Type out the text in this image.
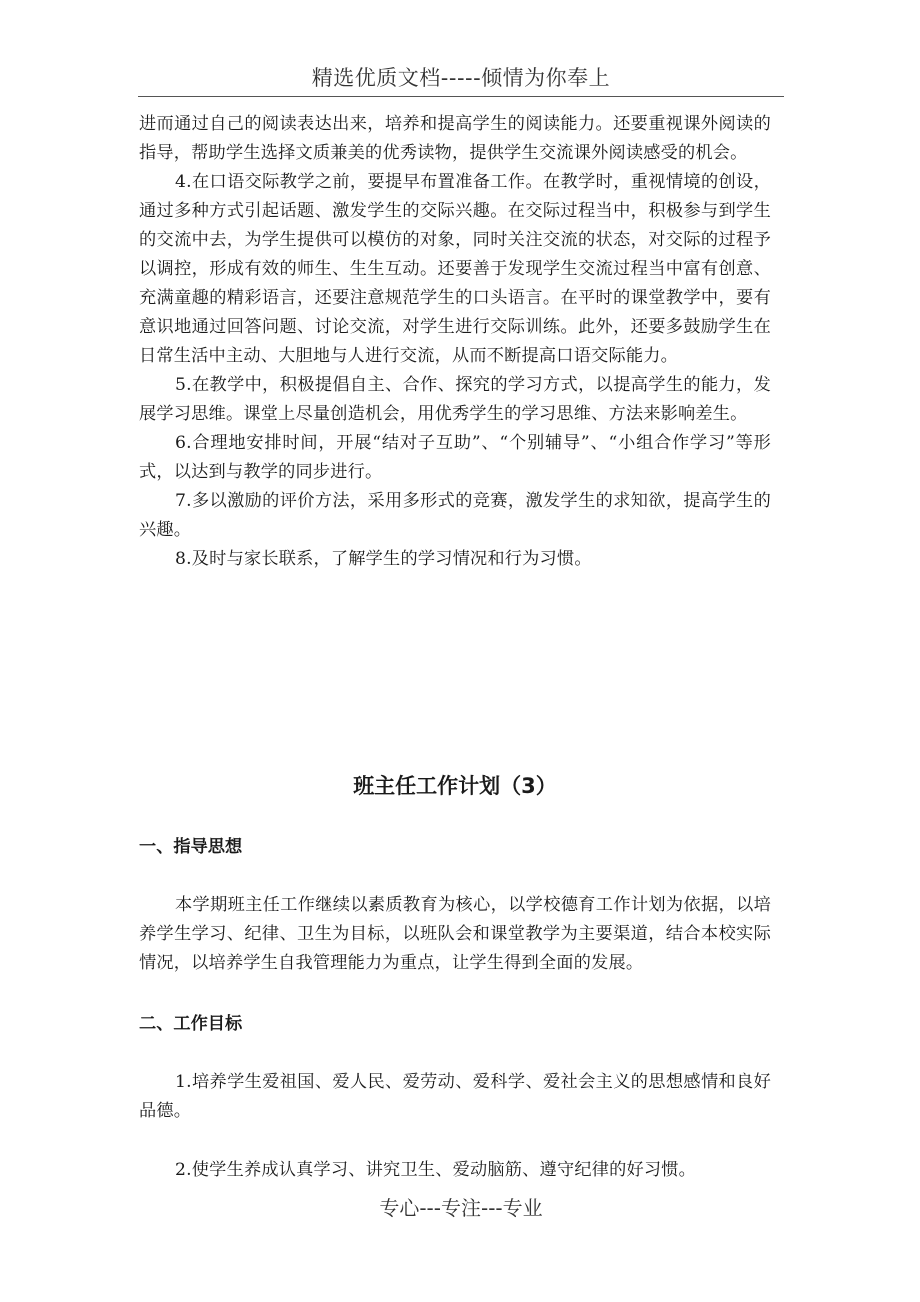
精选优质文档-----倾情为你奉上

进而通过自己的阅读表达出来，培养和提高学生的阅读能力。还要重视课外阅读的指导，帮助学生选择文质兼美的优秀读物，提供学生交流课外阅读感受的机会。

4.在口语交际教学之前，要提早布置准备工作。在教学时，重视情境的创设，通过多种方式引起话题、激发学生的交际兴趣。在交际过程当中，积极参与到学生的交流中去，为学生提供可以模仿的对象，同时关注交流的状态，对交际的过程予以调控，形成有效的师生、生生互动。还要善于发现学生交流过程当中富有创意、充满童趣的精彩语言，还要注意规范学生的口头语言。在平时的课堂教学中，要有意识地通过回答问题、讨论交流，对学生进行交际训练。此外，还要多鼓励学生在日常生活中主动、大胆地与人进行交流，从而不断提高口语交际能力。

5.在教学中，积极提倡自主、合作、探究的学习方式，以提高学生的能力，发展学习思维。课堂上尽量创造机会，用优秀学生的学习思维、方法来影响差生。

6.合理地安排时间，开展“结对子互助”、“个别辅导”、“小组合作学习”等形式，以达到与教学的同步进行。

7.多以激励的评价方法，采用多形式的竞赛，激发学生的求知欲，提高学生的兴趣。

8.及时与家长联系，了解学生的学习情况和行为习惯。

班主任工作计划（3）
一、指导思想

本学期班主任工作继续以素质教育为核心，以学校德育工作计划为依据，以培养学生学习、纪律、卫生为目标，以班队会和课堂教学为主要渠道，结合本校实际情况，以培养学生自我管理能力为重点，让学生得到全面的发展。

二、工作目标

1.培养学生爱祖国、爱人民、爱劳动、爱科学、爱社会主义的思想感情和良好品德。

2.使学生养成认真学习、讲究卫生、爱动脑筋、遵守纪律的好习惯。

专心---专注---专业
